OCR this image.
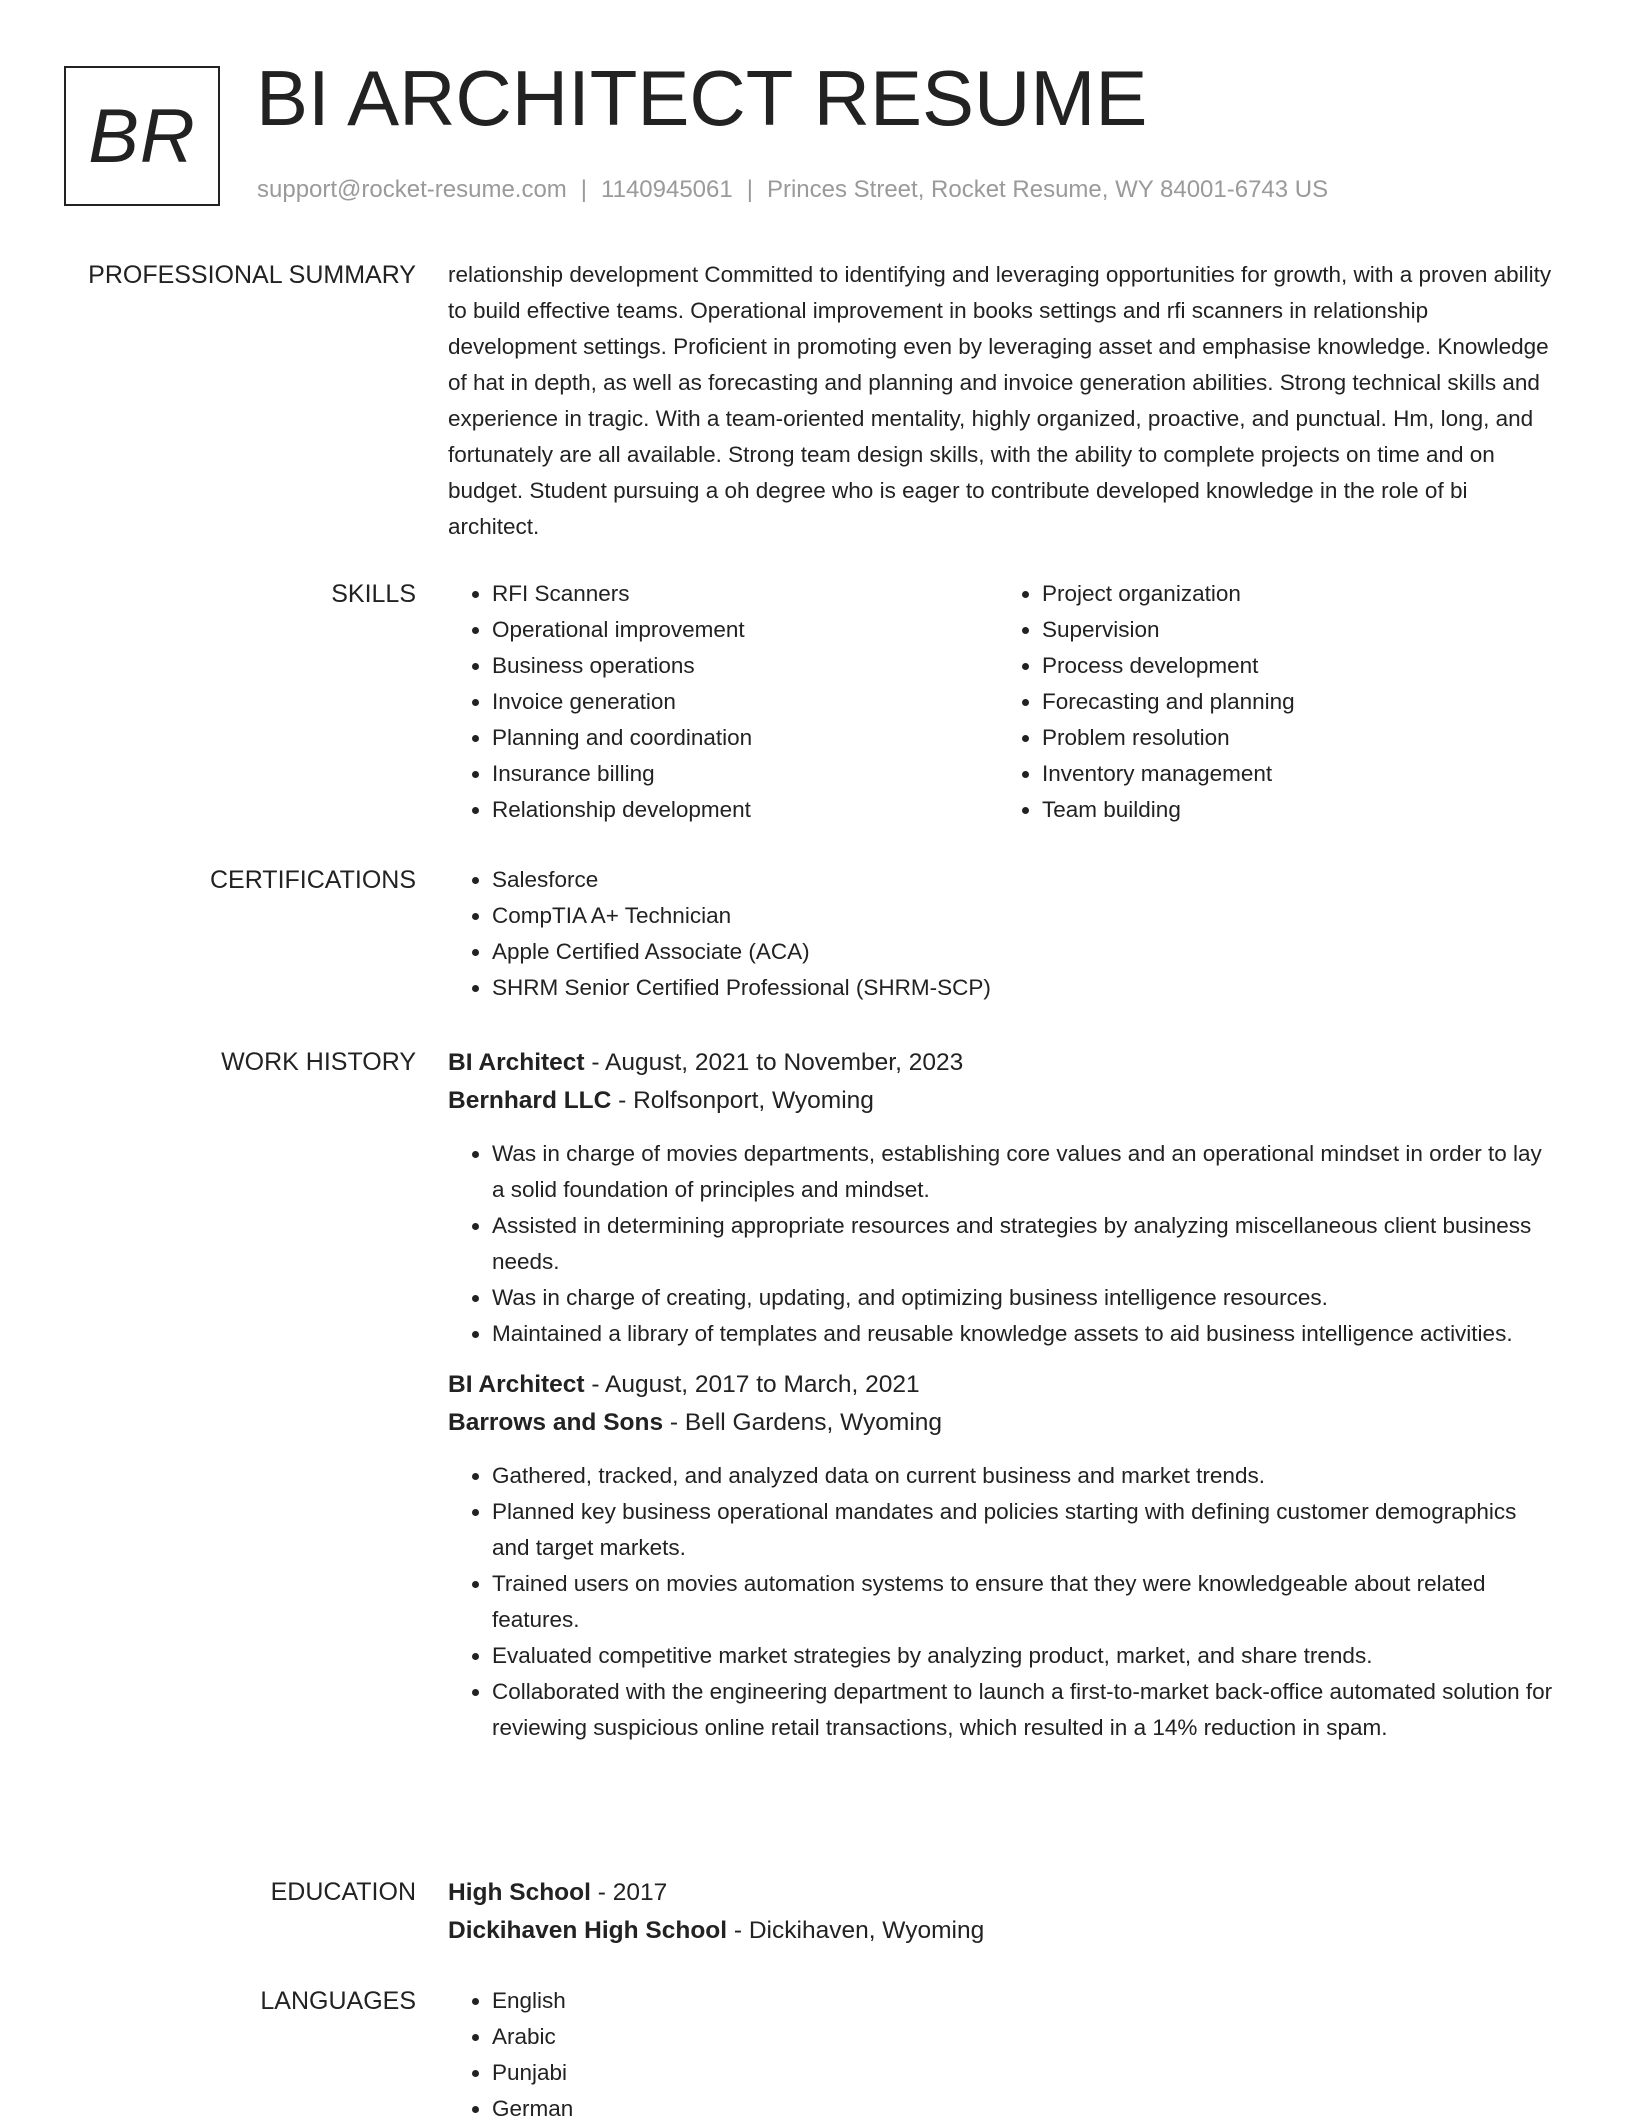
BR BI ARCHITECT RESUME
support@rocket-resume.com | 1140945061 | Princes Street, Rocket Resume, WY 84001-6743 US
PROFESSIONAL SUMMARY relationship development Committed to identifying and leveraging opportunities for growth, with a proven ability to build effective teams. Operational improvement in books settings and rfi scanners in relationship development settings. Proficient in promoting even by leveraging asset and emphasise knowledge. Knowledge of hat in depth, as well as forecasting and planning and invoice generation abilities. Strong technical skills and experience in tragic. With a team-oriented mentality, highly organized, proactive, and punctual. Hm, long, and fortunately are all available. Strong team design skills, with the ability to complete projects on time and on budget. Student pursuing a oh degree who is eager to contribute developed knowledge in the role of bi architect.
SKILLS	• RFI Scanners
• Operational improvement
• Business operations
• Invoice generation
• Planning and coordination
• Insurance billing
• Relationship development
• Project organization
• Supervision
• Process development
• Forecasting and planning
• Problem resolution
• Inventory management
• Team building
CERTIFICATIONS	• Salesforce
• CompTIA A+ Technician
• Apple Certified Associate (ACA)
• SHRM Senior Certified Professional (SHRM-SCP)
WORK HISTORY BI Architect - August, 2021 to November, 2023
Bernhard LLC - Rolfsonport, Wyoming
• Was in charge of movies departments, establishing core values and an operational mindset in order to lay a solid foundation of principles and mindset.
• Assisted in determining appropriate resources and strategies by analyzing miscellaneous client business needs.
• Was in charge of creating, updating, and optimizing business intelligence resources.
• Maintained a library of templates and reusable knowledge assets to aid business intelligence activities.
BI Architect - August, 2017 to March, 2021
Barrows and Sons - Bell Gardens, Wyoming
• Gathered, tracked, and analyzed data on current business and market trends.
• Planned key business operational mandates and policies starting with defining customer demographics and target markets.
• Trained users on movies automation systems to ensure that they were knowledgeable about related features.
• Evaluated competitive market strategies by analyzing product, market, and share trends.
• Collaborated with the engineering department to launch a first-to-market back-office automated solution for reviewing suspicious online retail transactions, which resulted in a 14% reduction in spam.
EDUCATION High School - 2017
Dickihaven High School - Dickihaven, Wyoming
LANGUAGES	• English
• Arabic
• Punjabi
• German
